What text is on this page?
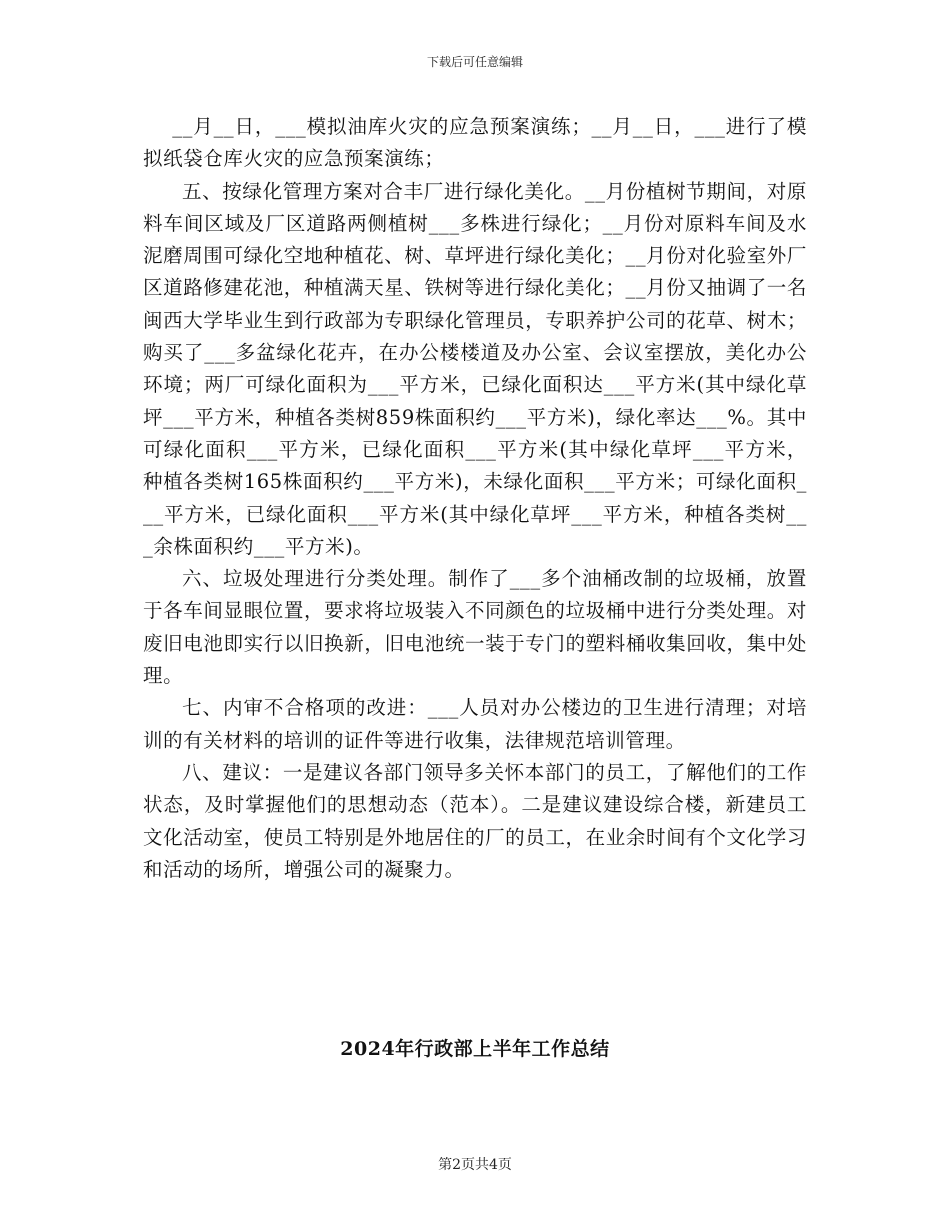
下载后可任意编辑

__月__日，___模拟油库火灾的应急预案演练；__月__日，___进行了模拟纸袋仓库火灾的应急预案演练；

五、按绿化管理方案对合丰厂进行绿化美化。__月份植树节期间，对原料车间区域及厂区道路两侧植树___多株进行绿化；__月份对原料车间及水泥磨周围可绿化空地种植花、树、草坪进行绿化美化；__月份对化验室外厂区道路修建花池，种植满天星、铁树等进行绿化美化；__月份又抽调了一名闽西大学毕业生到行政部为专职绿化管理员，专职养护公司的花草、树木；购买了___多盆绿化花卉，在办公楼楼道及办公室、会议室摆放，美化办公环境；两厂可绿化面积为___平方米，已绿化面积达___平方米(其中绿化草坪___平方米，种植各类树859株面积约___平方米)，绿化率达___%。其中可绿化面积___平方米，已绿化面积___平方米(其中绿化草坪___平方米，种植各类树165株面积约___平方米)，未绿化面积___平方米；可绿化面积___平方米，已绿化面积___平方米(其中绿化草坪___平方米，种植各类树___余株面积约___平方米)。

六、垃圾处理进行分类处理。制作了___多个油桶改制的垃圾桶，放置于各车间显眼位置，要求将垃圾装入不同颜色的垃圾桶中进行分类处理。对废旧电池即实行以旧换新，旧电池统一装于专门的塑料桶收集回收，集中处理。

七、内审不合格项的改进：___人员对办公楼边的卫生进行清理；对培训的有关材料的培训的证件等进行收集，法律规范培训管理。

八、建议：一是建议各部门领导多关怀本部门的员工，了解他们的工作状态，及时掌握他们的思想动态（范本）。二是建议建设综合楼，新建员工文化活动室，使员工特别是外地居住的厂的员工，在业余时间有个文化学习和活动的场所，增强公司的凝聚力。

2024年行政部上半年工作总结
第2页共4页
